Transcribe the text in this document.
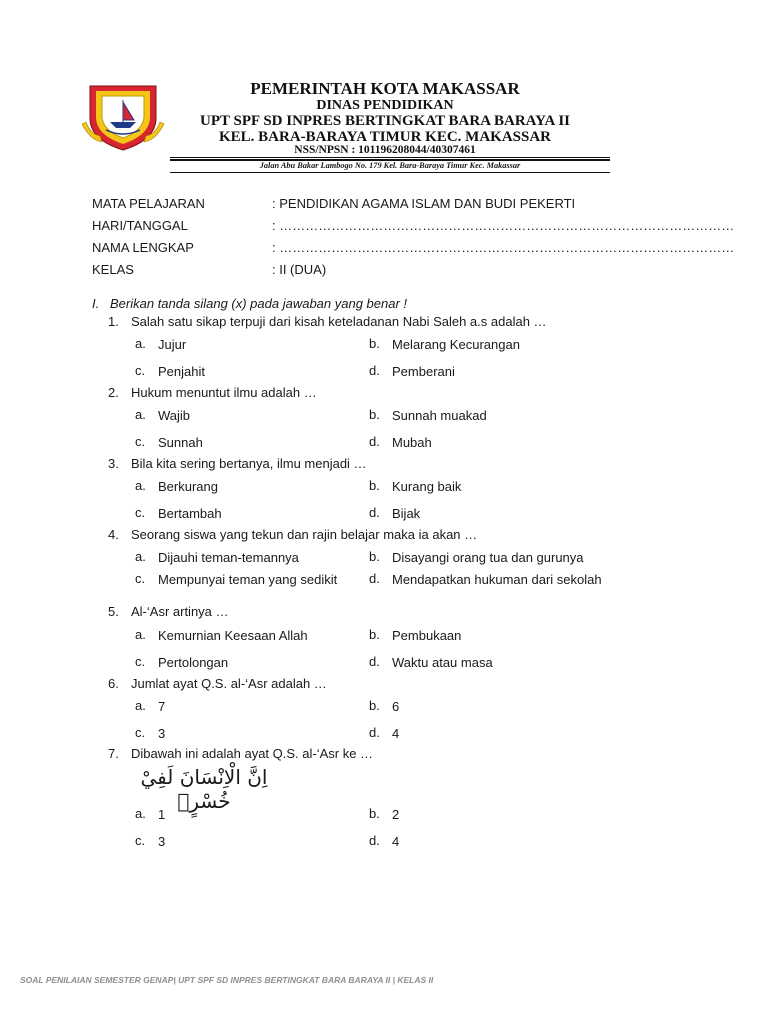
PEMERINTAH KOTA MAKASSAR
DINAS PENDIDIKAN
UPT SPF SD INPRES BERTINGKAT BARA BARAYA II
KEL. BARA-BARAYA TIMUR KEC. MAKASSAR
NSS/NPSN : 101196208044/40307461
Jalan Abu Bakar Lambogo No. 179 Kel. Bara-Baraya Timur Kec. Makassar
MATA PELAJARAN	: PENDIDIKAN AGAMA ISLAM DAN BUDI PEKERTI
HARI/TANGGAL	: ……………………………………………………………………………………………
NAMA LENGKAP	: ……………………………………………………………………………………………
KELAS	: II (DUA)
I. Berikan tanda silang (x) pada jawaban yang benar !
1. Salah satu sikap terpuji dari kisah keteladanan Nabi Saleh a.s adalah …
a. Jujur	b. Melarang Kecurangan
c. Penjahit	d. Pemberani
2. Hukum menuntut ilmu adalah …
a. Wajib	b. Sunnah muakad
c. Sunnah	d. Mubah
3. Bila kita sering bertanya, ilmu menjadi …
a. Berkurang	b. Kurang baik
c. Bertambah	d. Bijak
4. Seorang siswa yang tekun dan rajin belajar maka ia akan …
a. Dijauhi teman-temannya	b. Disayangi orang tua dan gurunya
c. Mempunyai teman yang sedikit	d. Mendapatkan hukuman dari sekolah
5. Al-‘Asr artinya …
a. Kemurnian Keesaan Allah	b. Pembukaan
c. Pertolongan	d. Waktu atau masa
6. Jumlat ayat Q.S. al-‘Asr adalah …
a. 7	b. 6
c. 3	d. 4
7. Dibawah ini adalah ayat Q.S. al-‘Asr ke …
a. 1	b. 2
c. 3	d. 4
اِنَّ الْاِنْسَانَ لَفِيْ خُسْرٍۙ
SOAL PENILAIAN SEMESTER GENAP| UPT SPF SD INPRES BERTINGKAT BARA BARAYA II | KELAS II
